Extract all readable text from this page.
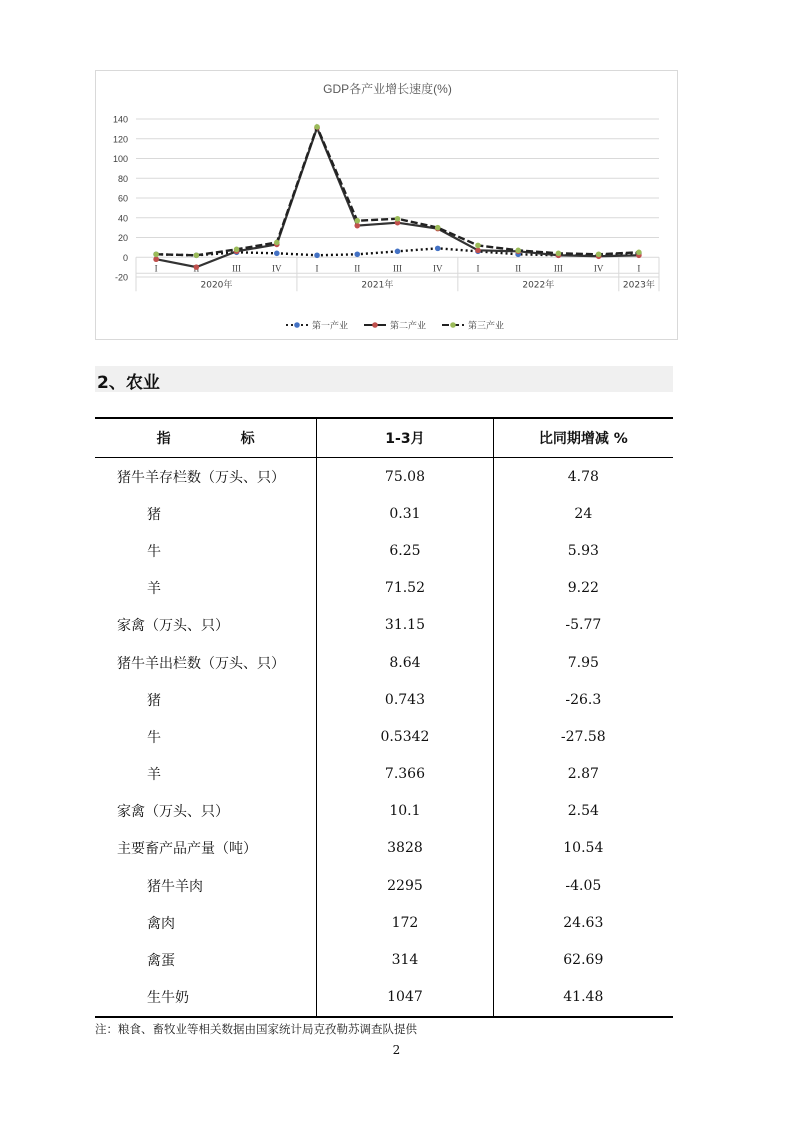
GDP各产业增长速度(%)
-20
0
20
40
60
80
100
120
140
I	III	IV	I	II	III	IV	I	II	III	IV	I
2020年	2021年	2022年	2023年
第一产业	第二产业	第三产业
2、农业
指 标	1-3月	比同期增减 %
猪牛羊存栏数（万头、只）	75.08	4.78
猪	0.31	24
牛	6.25	5.93
羊	71.52	9.22
家禽（万头、只）	31.15	-5.77
猪牛羊出栏数（万头、只）	8.64	7.95
猪	0.743	-26.3
牛	0.5342	-27.58
羊	7.366	2.87
家禽（万头、只）	10.1	2.54
主要畜产品产量（吨）	3828	10.54
猪牛羊肉	2295	-4.05
禽肉	172	24.63
禽蛋	314	62.69
生牛奶	1047	41.48
注：粮食、畜牧业等相关数据由国家统计局克孜勒苏调查队提供
2
